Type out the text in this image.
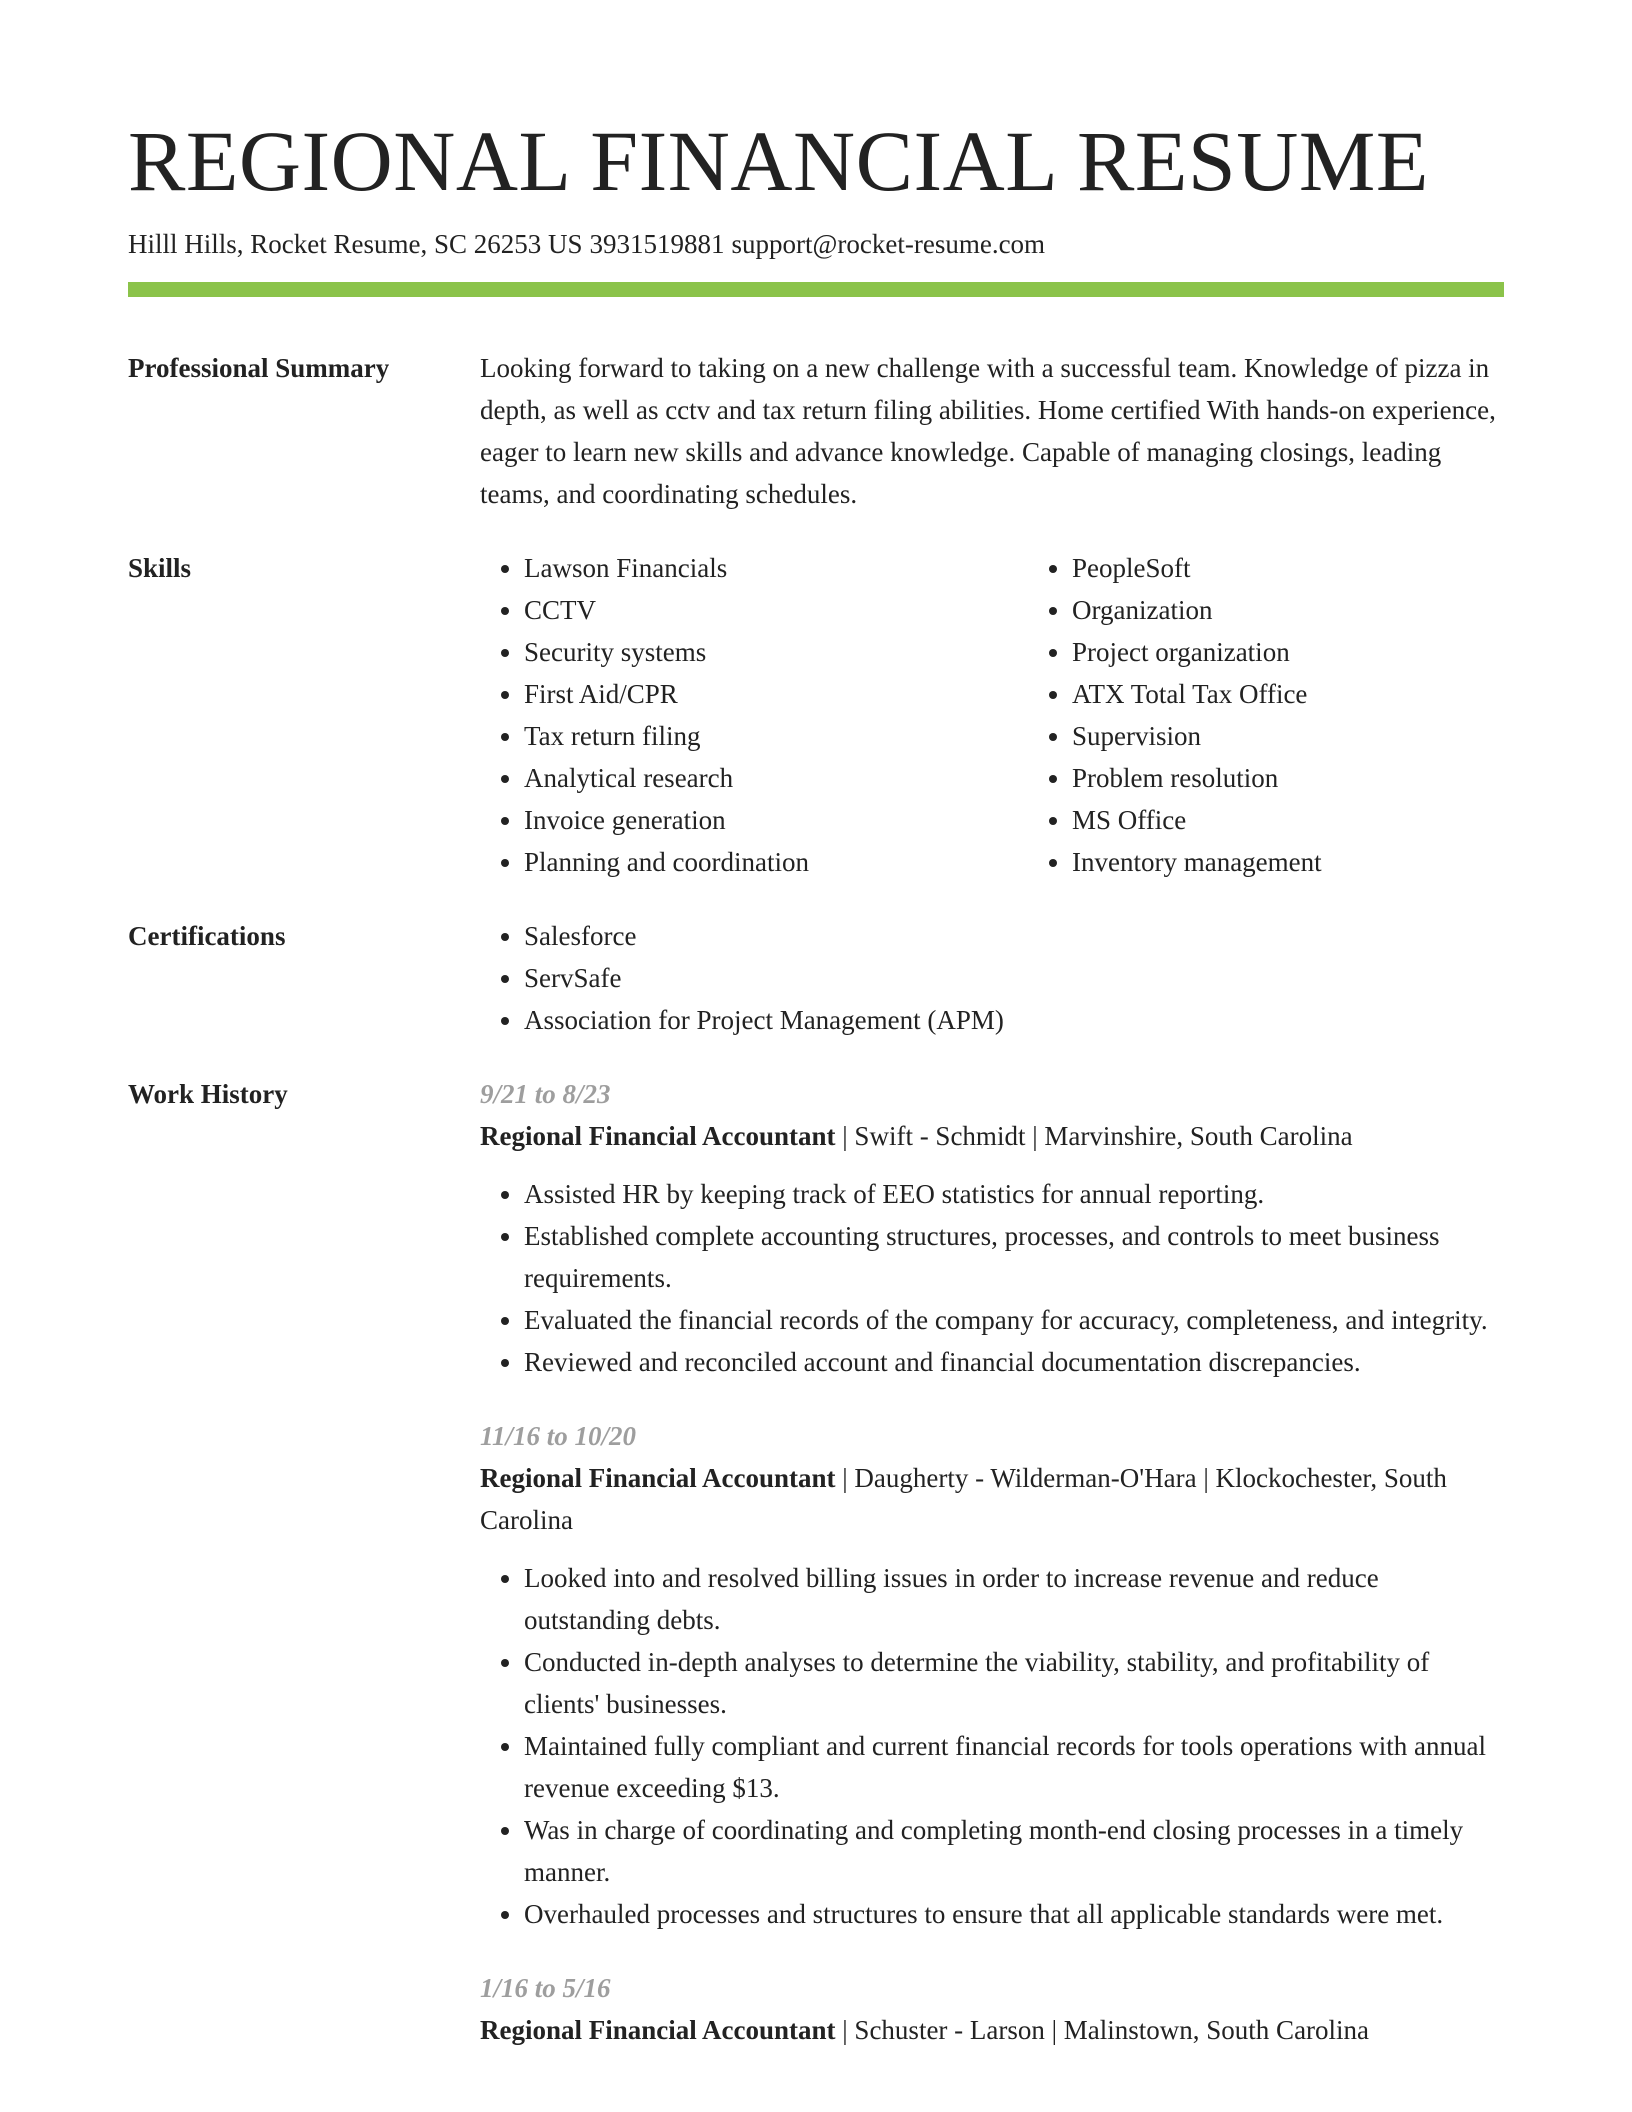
REGIONAL FINANCIAL RESUME
Hilll Hills, Rocket Resume, SC 26253 US 3931519881 support@rocket-resume.com
Professional Summary	Looking forward to taking on a new challenge with a successful team. Knowledge of pizza in depth, as well as cctv and tax return filing abilities. Home certified With hands-on experience, eager to learn new skills and advance knowledge. Capable of managing closings, leading teams, and coordinating schedules.
Skills	• Lawson Financials
• CCTV
• Security systems
• First Aid/CPR
• Tax return filing
• Analytical research
• Invoice generation
• Planning and coordination
• PeopleSoft
• Organization
• Project organization
• ATX Total Tax Office
• Supervision
• Problem resolution
• MS Office
• Inventory management
Certifications	• Salesforce
• ServSafe
• Association for Project Management (APM)
Work History	9/21 to 8/23
Regional Financial Accountant | Swift - Schmidt | Marvinshire, South Carolina
• Assisted HR by keeping track of EEO statistics for annual reporting.
• Established complete accounting structures, processes, and controls to meet business requirements.
• Evaluated the financial records of the company for accuracy, completeness, and integrity.
• Reviewed and reconciled account and financial documentation discrepancies.
11/16 to 10/20
Regional Financial Accountant | Daugherty - Wilderman-O'Hara | Klockochester, South Carolina
• Looked into and resolved billing issues in order to increase revenue and reduce outstanding debts.
• Conducted in-depth analyses to determine the viability, stability, and profitability of clients' businesses.
• Maintained fully compliant and current financial records for tools operations with annual revenue exceeding $13.
• Was in charge of coordinating and completing month-end closing processes in a timely manner.
• Overhauled processes and structures to ensure that all applicable standards were met.
1/16 to 5/16
Regional Financial Accountant | Schuster - Larson | Malinstown, South Carolina
